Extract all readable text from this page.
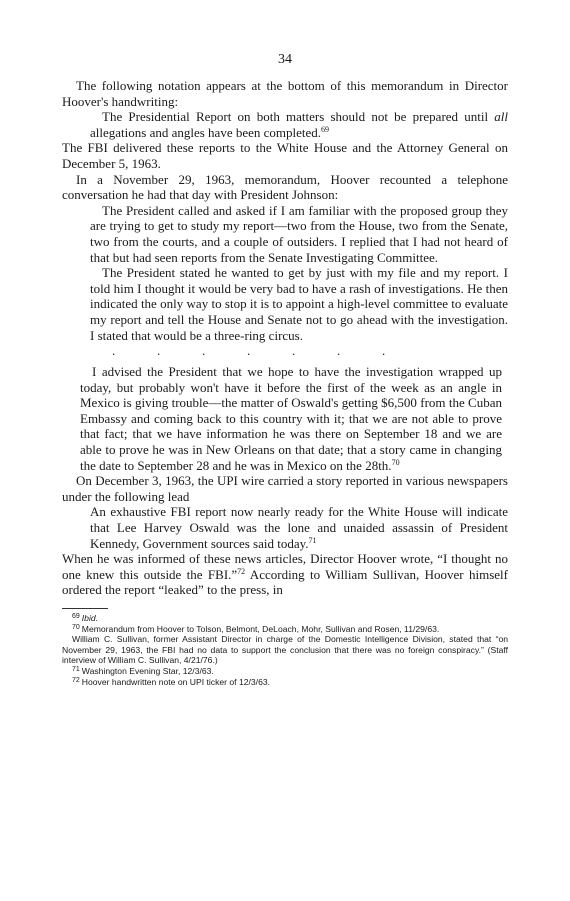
34

The following notation appears at the bottom of this memorandum in Director Hoover's handwriting:

The Presidential Report on both matters should not be prepared until all allegations and angles have been completed.$^{69}$

The FBI delivered these reports to the White House and the Attorney General on December 5, 1963.

In a November 29, 1963, memorandum, Hoover recounted a telephone conversation he had that day with President Johnson:

The President called and asked if I am familiar with the proposed group they are trying to get to study my report—two from the House, two from the Senate, two from the courts, and a couple of outsiders. I replied that I had not heard of that but had seen reports from the Senate Investigating Committee.

The President stated he wanted to get by just with my file and my report. I told him I thought it would be very bad to have a rash of investigations. He then indicated the only way to stop it is to appoint a high-level committee to evaluate my report and tell the House and Senate not to go ahead with the investigation. I stated that would be a three-ring circus.

.	.	.	.	.	.	.

I advised the President that we hope to have the investigation wrapped up today, but probably won't have it before the first of the week as an angle in Mexico is giving trouble—the matter of Oswald's getting $6,500 from the Cuban Embassy and coming back to this country with it; that we are not able to prove that fact; that we have information he was there on September 18 and we are able to prove he was in New Orleans on that date; that a story came in changing the date to September 28 and he was in Mexico on the 28th.$^{70}$

On December 3, 1963, the UPI wire carried a story reported in various newspapers under the following lead

An exhaustive FBI report now nearly ready for the White House will indicate that Lee Harvey Oswald was the lone and unaided assassin of President Kennedy, Government sources said today.$^{71}$

When he was informed of these news articles, Director Hoover wrote, “I thought no one knew this outside the FBI.”$^{72}$ According to William Sullivan, Hoover himself ordered the report “leaked” to the press, in

$^{69}$ Ibid.

$^{70}$ Memorandum from Hoover to Tolson, Belmont, DeLoach, Mohr, Sullivan and Rosen, 11/29/63.

William C. Sullivan, former Assistant Director in charge of the Domestic Intelligence Division, stated that “on November 29, 1963, the FBI had no data to support the conclusion that there was no foreign conspiracy.” (Staff interview of William C. Sullivan, 4/21/76.)

$^{71}$ Washington Evening Star, 12/3/63.

$^{72}$ Hoover handwritten note on UPI ticker of 12/3/63.
